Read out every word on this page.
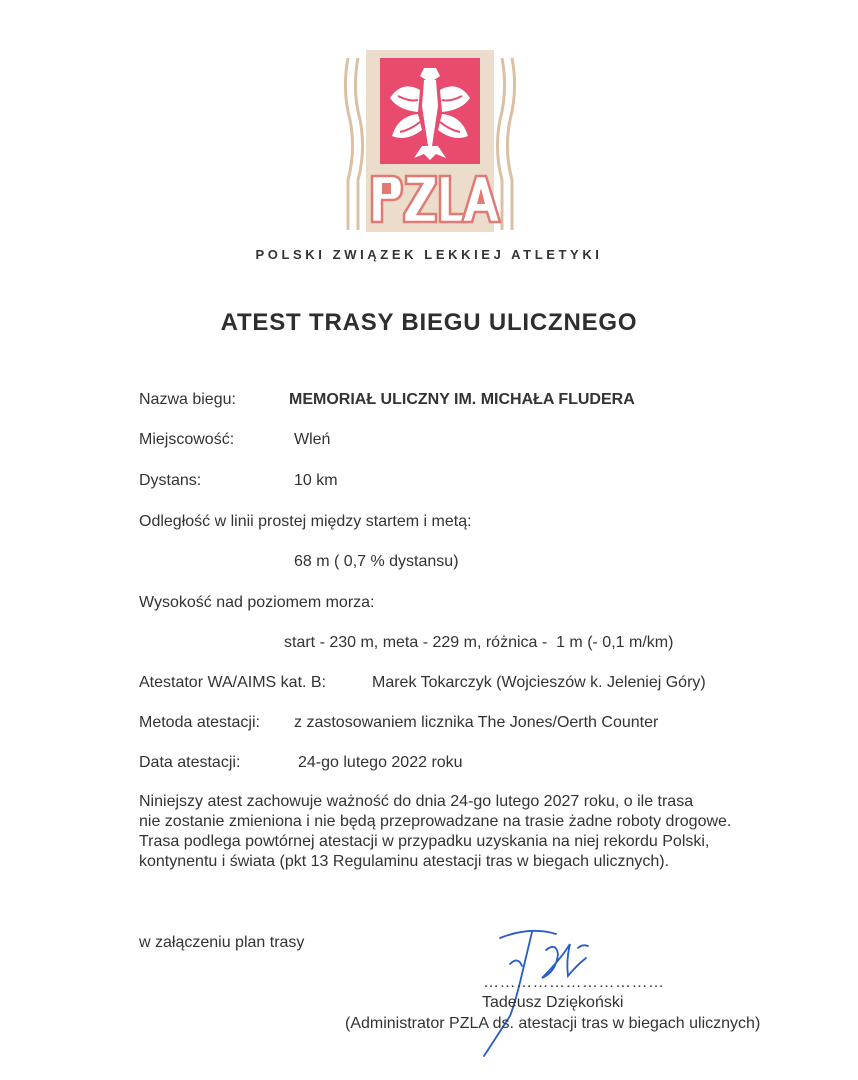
POLSKI ZWIĄZEK LEKKIEJ ATLETYKI
ATEST TRASY BIEGU ULICZNEGO
Nazwa biegu:	MEMORIAŁ ULICZNY IM. MICHAŁA FLUDERA
Miejscowość:	Wleń
Dystans:	10 km
Odległość w linii prostej między startem i metą:
68 m ( 0,7 % dystansu)
Wysokość nad poziomem morza:
start - 230 m, meta - 229 m, różnica -  1 m (- 0,1 m/km)
Atestator WA/AIMS kat. B:	Marek Tokarczyk (Wojcieszów k. Jeleniej Góry)
Metoda atestacji: z zastosowaniem licznika The Jones/Oerth Counter
Data atestacji:	24-go lutego 2022 roku
Niniejszy atest zachowuje ważność do dnia 24-go lutego 2027 roku, o ile trasa
nie zostanie zmieniona i nie będą przeprowadzane na trasie żadne roboty drogowe.
Trasa podlega powtórnej atestacji w przypadku uzyskania na niej rekordu Polski,
kontynentu i świata (pkt 13 Regulaminu atestacji tras w biegach ulicznych).
w załączeniu plan trasy
……………………………
Tadeusz Dziękoński
(Administrator PZLA ds. atestacji tras w biegach ulicznych)
